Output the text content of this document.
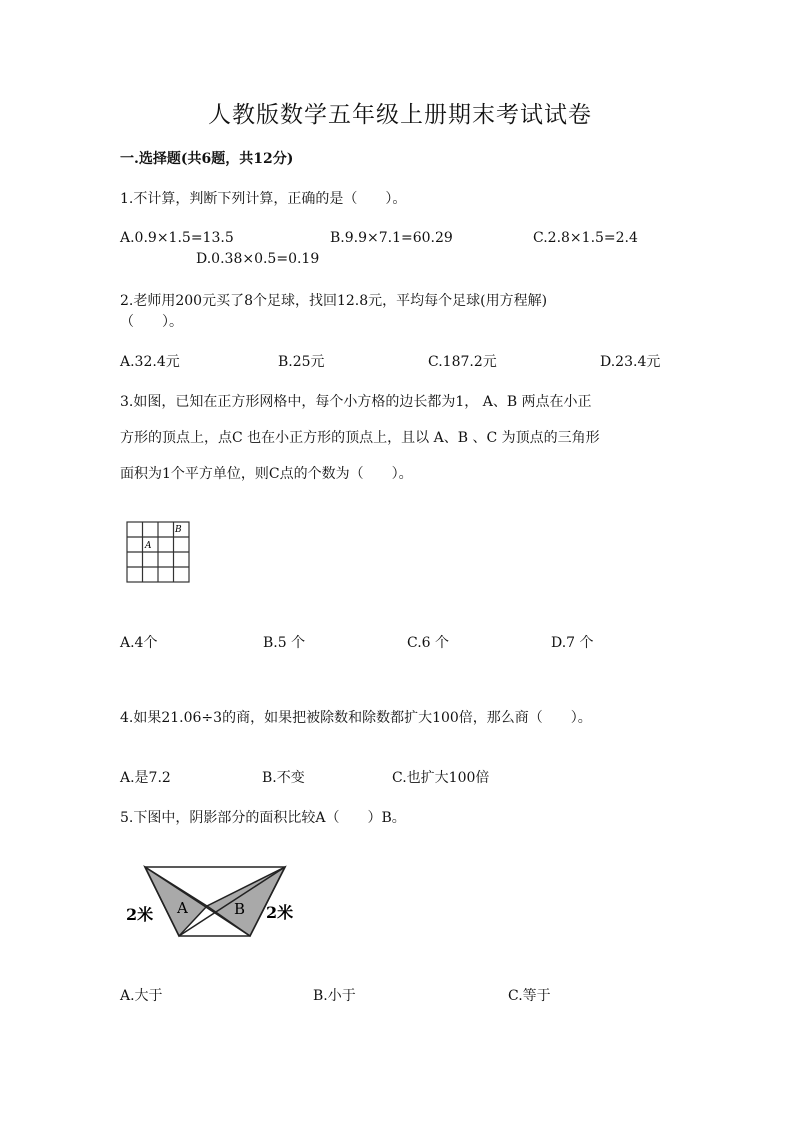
人教版数学五年级上册期末考试试卷
一.选择题(共6题，共12分)
1.不计算，判断下列计算，正确的是（　　）。
A.0.9×1.5=13.5	B.9.9×7.1=60.29	C.2.8×1.5=2.4
D.0.38×0.5=0.19
2.老师用200元买了8个足球，找回12.8元，平均每个足球(用方程解)
（　　）。
A.32.4元	B.25元	C.187.2元	D.23.4元
3.如图，已知在正方形网格中，每个小方格的边长都为1， A、B 两点在小正
方形的顶点上，点C 也在小正方形的顶点上，且以 A、B 、C 为顶点的三角形
面积为1个平方单位，则C点的个数为（　　）。
A
B
A.4个	B.5 个	C.6 个	D.7 个
4.如果21.06÷3的商，如果把被除数和除数都扩大100倍，那么商（　　）。
A.是7.2	B.不变	C.也扩大100倍
5.下图中，阴影部分的面积比较A（　　）B。
A	B
2米	2米
A.大于	B.小于	C.等于
